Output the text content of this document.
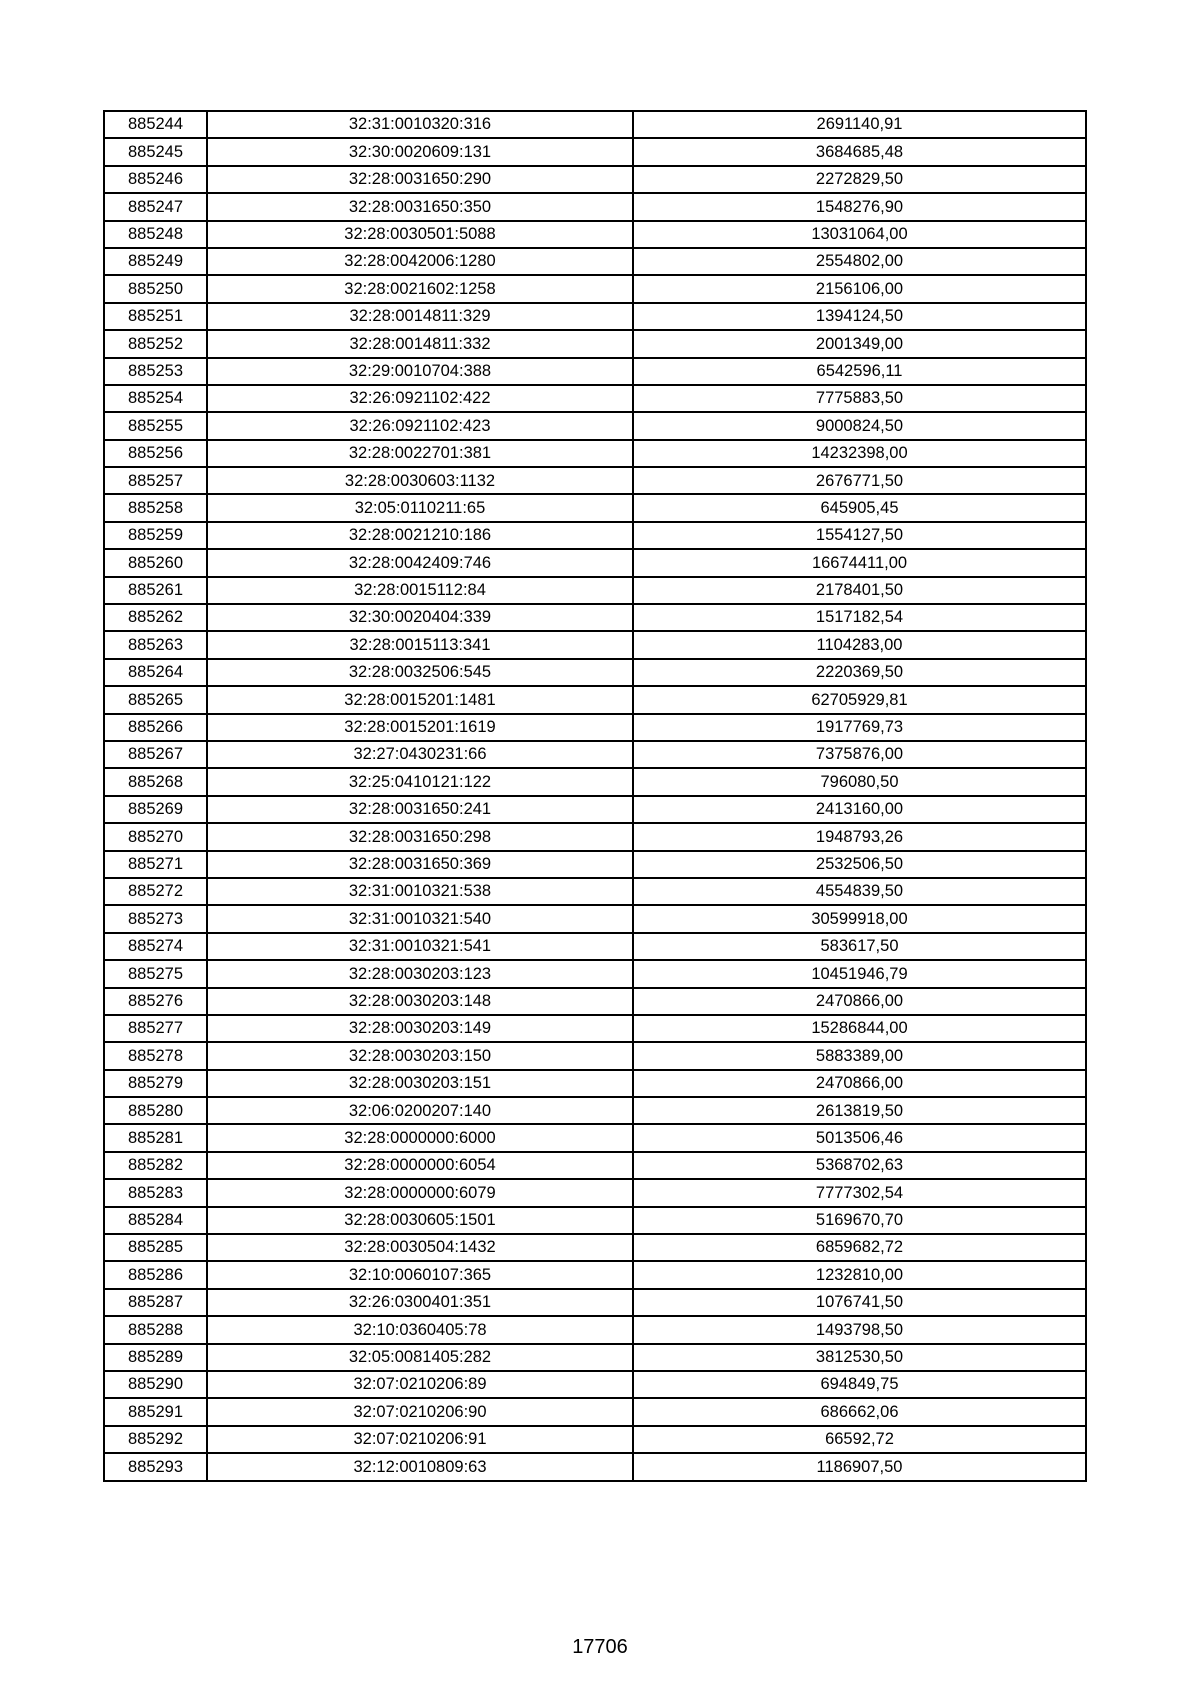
885244	32:31:0010320:316	2691140,91
885245	32:30:0020609:131	3684685,48
885246	32:28:0031650:290	2272829,50
885247	32:28:0031650:350	1548276,90
885248	32:28:0030501:5088	13031064,00
885249	32:28:0042006:1280	2554802,00
885250	32:28:0021602:1258	2156106,00
885251	32:28:0014811:329	1394124,50
885252	32:28:0014811:332	2001349,00
885253	32:29:0010704:388	6542596,11
885254	32:26:0921102:422	7775883,50
885255	32:26:0921102:423	9000824,50
885256	32:28:0022701:381	14232398,00
885257	32:28:0030603:1132	2676771,50
885258	32:05:0110211:65	645905,45
885259	32:28:0021210:186	1554127,50
885260	32:28:0042409:746	16674411,00
885261	32:28:0015112:84	2178401,50
885262	32:30:0020404:339	1517182,54
885263	32:28:0015113:341	1104283,00
885264	32:28:0032506:545	2220369,50
885265	32:28:0015201:1481	62705929,81
885266	32:28:0015201:1619	1917769,73
885267	32:27:0430231:66	7375876,00
885268	32:25:0410121:122	796080,50
885269	32:28:0031650:241	2413160,00
885270	32:28:0031650:298	1948793,26
885271	32:28:0031650:369	2532506,50
885272	32:31:0010321:538	4554839,50
885273	32:31:0010321:540	30599918,00
885274	32:31:0010321:541	583617,50
885275	32:28:0030203:123	10451946,79
885276	32:28:0030203:148	2470866,00
885277	32:28:0030203:149	15286844,00
885278	32:28:0030203:150	5883389,00
885279	32:28:0030203:151	2470866,00
885280	32:06:0200207:140	2613819,50
885281	32:28:0000000:6000	5013506,46
885282	32:28:0000000:6054	5368702,63
885283	32:28:0000000:6079	7777302,54
885284	32:28:0030605:1501	5169670,70
885285	32:28:0030504:1432	6859682,72
885286	32:10:0060107:365	1232810,00
885287	32:26:0300401:351	1076741,50
885288	32:10:0360405:78	1493798,50
885289	32:05:0081405:282	3812530,50
885290	32:07:0210206:89	694849,75
885291	32:07:0210206:90	686662,06
885292	32:07:0210206:91	66592,72
885293	32:12:0010809:63	1186907,50
17706
